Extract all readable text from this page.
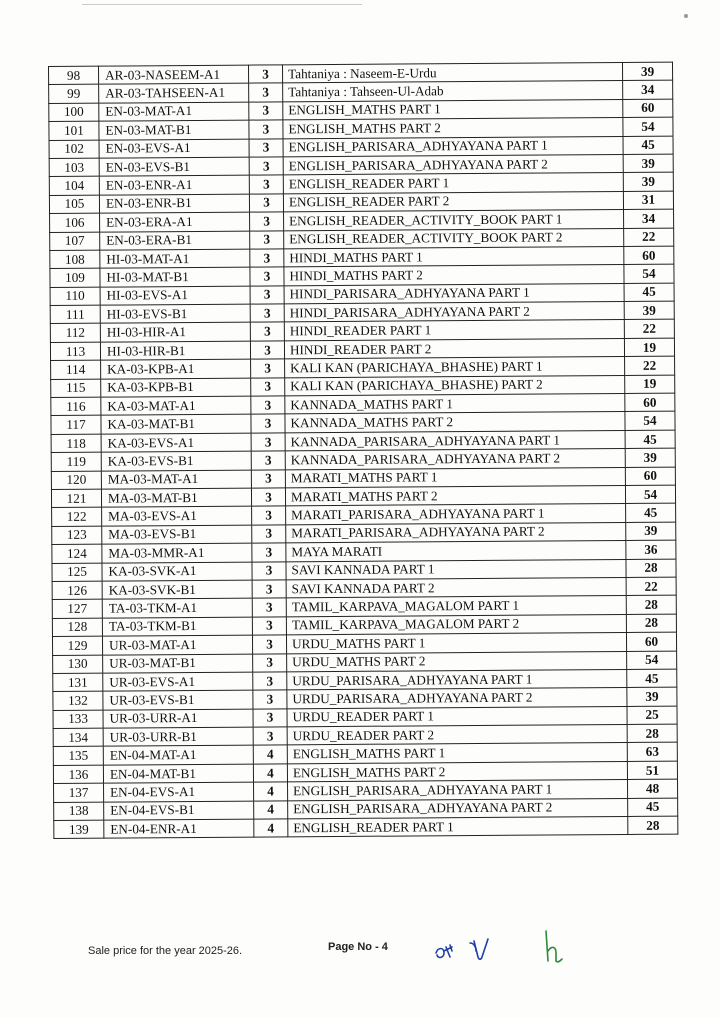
98	AR-03-NASEEM-A1	3	Tahtaniya : Naseem-E-Urdu	39
99	AR-03-TAHSEEN-A1	3	Tahtaniya : Tahseen-Ul-Adab	34
100	EN-03-MAT-A1	3	ENGLISH_MATHS PART 1	60
101	EN-03-MAT-B1	3	ENGLISH_MATHS PART 2	54
102	EN-03-EVS-A1	3	ENGLISH_PARISARA_ADHYAYANA PART 1	45
103	EN-03-EVS-B1	3	ENGLISH_PARISARA_ADHYAYANA PART 2	39
104	EN-03-ENR-A1	3	ENGLISH_READER PART 1	39
105	EN-03-ENR-B1	3	ENGLISH_READER PART 2	31
106	EN-03-ERA-A1	3	ENGLISH_READER_ACTIVITY_BOOK PART 1	34
107	EN-03-ERA-B1	3	ENGLISH_READER_ACTIVITY_BOOK PART 2	22
108	HI-03-MAT-A1	3	HINDI_MATHS PART 1	60
109	HI-03-MAT-B1	3	HINDI_MATHS PART 2	54
110	HI-03-EVS-A1	3	HINDI_PARISARA_ADHYAYANA PART 1	45
111	HI-03-EVS-B1	3	HINDI_PARISARA_ADHYAYANA PART 2	39
112	HI-03-HIR-A1	3	HINDI_READER PART 1	22
113	HI-03-HIR-B1	3	HINDI_READER PART 2	19
114	KA-03-KPB-A1	3	KALI KAN (PARICHAYA_BHASHE) PART 1	22
115	KA-03-KPB-B1	3	KALI KAN (PARICHAYA_BHASHE) PART 2	19
116	KA-03-MAT-A1	3	KANNADA_MATHS PART 1	60
117	KA-03-MAT-B1	3	KANNADA_MATHS PART 2	54
118	KA-03-EVS-A1	3	KANNADA_PARISARA_ADHYAYANA PART 1	45
119	KA-03-EVS-B1	3	KANNADA_PARISARA_ADHYAYANA PART 2	39
120	MA-03-MAT-A1	3	MARATI_MATHS PART 1	60
121	MA-03-MAT-B1	3	MARATI_MATHS PART 2	54
122	MA-03-EVS-A1	3	MARATI_PARISARA_ADHYAYANA PART 1	45
123	MA-03-EVS-B1	3	MARATI_PARISARA_ADHYAYANA PART 2	39
124	MA-03-MMR-A1	3	MAYA MARATI	36
125	KA-03-SVK-A1	3	SAVI KANNADA PART 1	28
126	KA-03-SVK-B1	3	SAVI KANNADA PART 2	22
127	TA-03-TKM-A1	3	TAMIL_KARPAVA_MAGALOM PART 1	28
128	TA-03-TKM-B1	3	TAMIL_KARPAVA_MAGALOM PART 2	28
129	UR-03-MAT-A1	3	URDU_MATHS PART 1	60
130	UR-03-MAT-B1	3	URDU_MATHS PART 2	54
131	UR-03-EVS-A1	3	URDU_PARISARA_ADHYAYANA PART 1	45
132	UR-03-EVS-B1	3	URDU_PARISARA_ADHYAYANA PART 2	39
133	UR-03-URR-A1	3	URDU_READER PART 1	25
134	UR-03-URR-B1	3	URDU_READER PART 2	28
135	EN-04-MAT-A1	4	ENGLISH_MATHS PART 1	63
136	EN-04-MAT-B1	4	ENGLISH_MATHS PART 2	51
137	EN-04-EVS-A1	4	ENGLISH_PARISARA_ADHYAYANA PART 1	48
138	EN-04-EVS-B1	4	ENGLISH_PARISARA_ADHYAYANA PART 2	45
139	EN-04-ENR-A1	4	ENGLISH_READER PART 1	28
Sale price for the year 2025-26.	Page No - 4
